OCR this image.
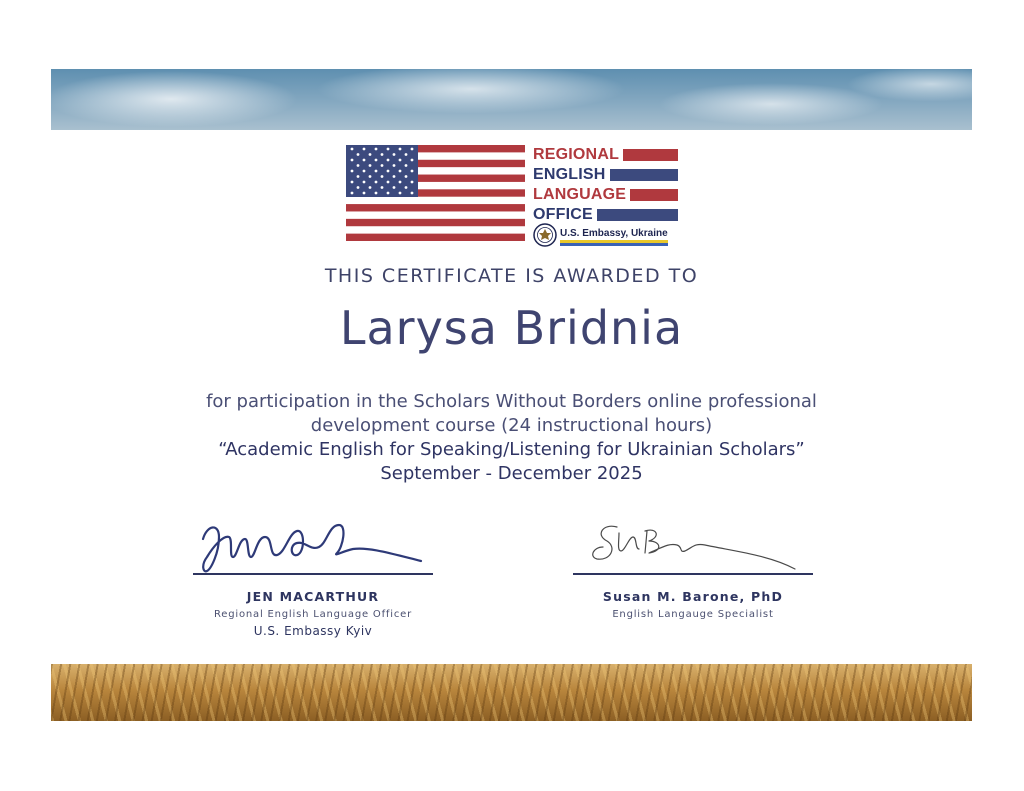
REGIONAL
ENGLISH
LANGUAGE
OFFICE
U.S. Embassy, Ukraine
THIS CERTIFICATE IS AWARDED TO
Larysa Bridnia
for participation in the Scholars Without Borders online professional
development course (24 instructional hours)
“Academic English for Speaking/Listening for Ukrainian Scholars”
September - December 2025
JEN MACARTHUR
Regional English Language Officer
U.S. Embassy Kyiv
Susan M. Barone, PhD
English Langauge Specialist
